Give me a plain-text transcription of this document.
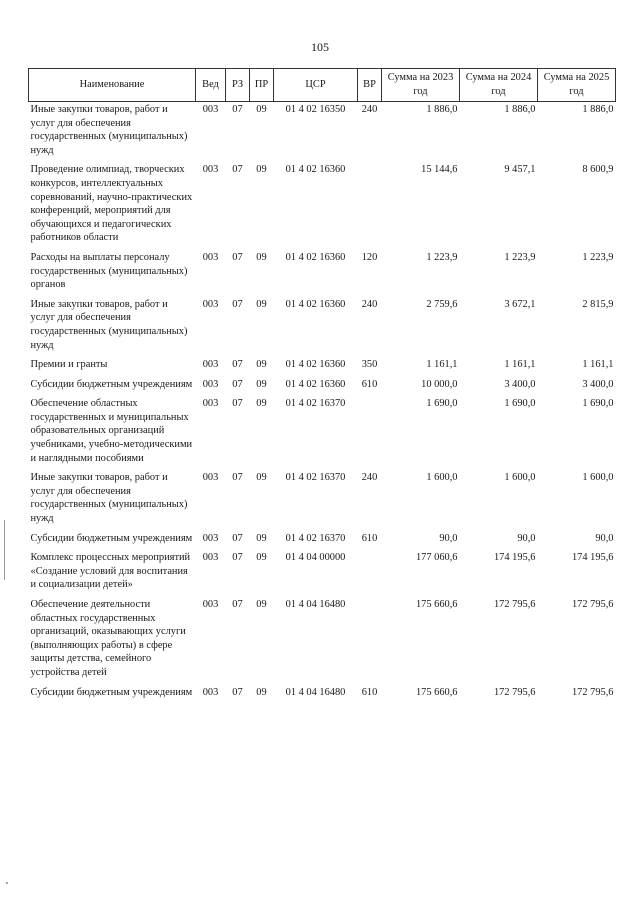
105
Наименование	Вед	РЗ	ПР	ЦСР	ВР	Сумма на 2023 год	Сумма на 2024 год	Сумма на 2025 год
Иные закупки товаров, работ и услуг для обеспечения государственных (муниципальных) нужд	003	07	09	01 4 02 16350	240	1 886,0	1 886,0	1 886,0
Проведение олимпиад, творческих конкурсов, интеллектуальных соревнований, научно-практических конференций, мероприятий для обучающихся и педагогических работников области	003	07	09	01 4 02 16360		15 144,6	9 457,1	8 600,9
Расходы на выплаты персоналу государственных (муниципальных) органов	003	07	09	01 4 02 16360	120	1 223,9	1 223,9	1 223,9
Иные закупки товаров, работ и услуг для обеспечения государственных (муниципальных) нужд	003	07	09	01 4 02 16360	240	2 759,6	3 672,1	2 815,9
Премии и гранты	003	07	09	01 4 02 16360	350	1 161,1	1 161,1	1 161,1
Субсидии бюджетным учреждениям	003	07	09	01 4 02 16360	610	10 000,0	3 400,0	3 400,0
Обеспечение областных государственных и муниципальных образовательных организаций учебниками, учебно-методическими и наглядными пособиями	003	07	09	01 4 02 16370		1 690,0	1 690,0	1 690,0
Иные закупки товаров, работ и услуг для обеспечения государственных (муниципальных) нужд	003	07	09	01 4 02 16370	240	1 600,0	1 600,0	1 600,0
Субсидии бюджетным учреждениям	003	07	09	01 4 02 16370	610	90,0	90,0	90,0
Комплекс процессных мероприятий «Создание условий для воспитания и социализации детей»	003	07	09	01 4 04 00000		177 060,6	174 195,6	174 195,6
Обеспечение деятельности областных государственных организаций, оказывающих услуги (выполняющих работы) в сфере защиты детства, семейного устройства детей	003	07	09	01 4 04 16480		175 660,6	172 795,6	172 795,6
Субсидии бюджетным учреждениям	003	07	09	01 4 04 16480	610	175 660,6	172 795,6	172 795,6
